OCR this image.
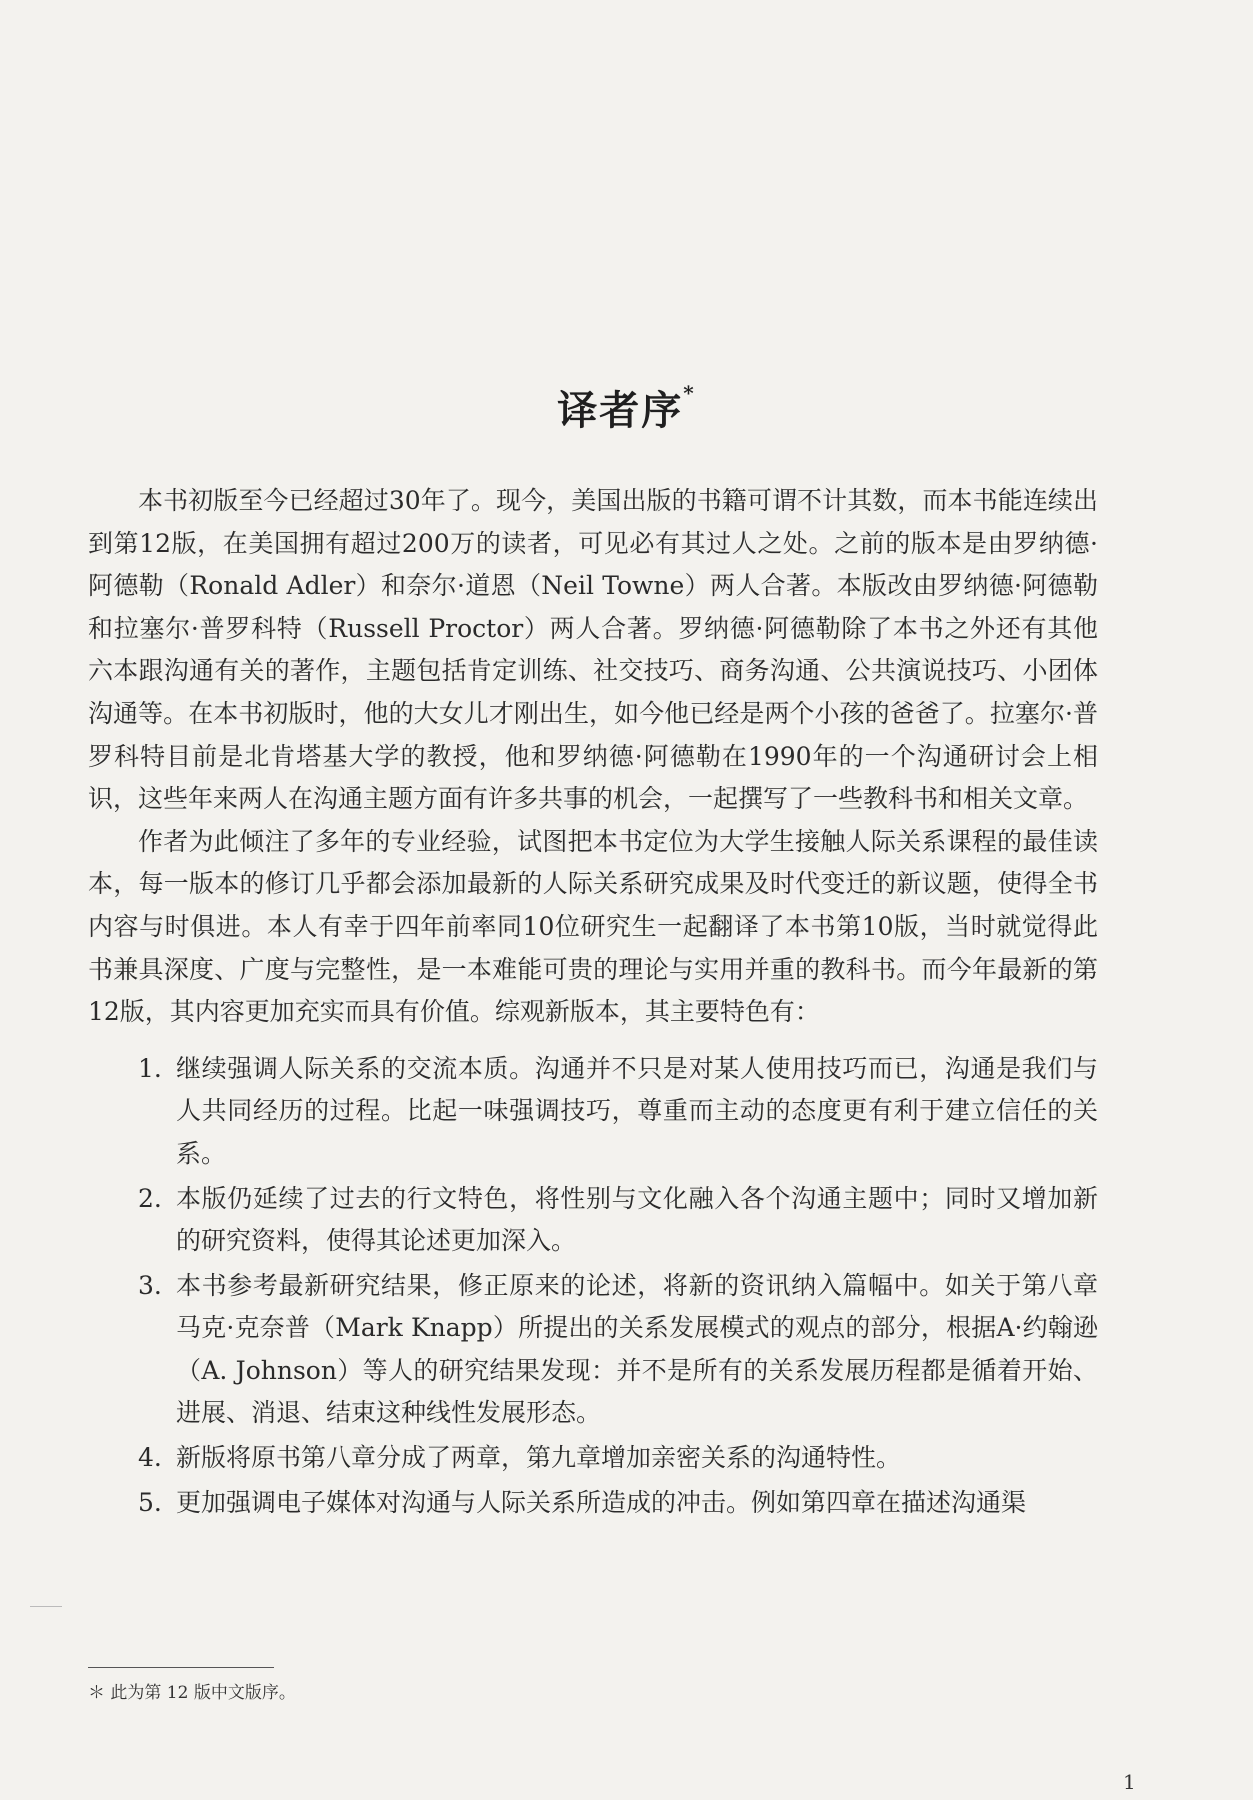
译者序*

本书初版至今已经超过30年了。现今，美国出版的书籍可谓不计其数，而本书能连续出到第12版，在美国拥有超过200万的读者，可见必有其过人之处。之前的版本是由罗纳德·阿德勒（Ronald Adler）和奈尔·道恩（Neil Towne）两人合著。本版改由罗纳德·阿德勒和拉塞尔·普罗科特（Russell Proctor）两人合著。罗纳德·阿德勒除了本书之外还有其他六本跟沟通有关的著作，主题包括肯定训练、社交技巧、商务沟通、公共演说技巧、小团体沟通等。在本书初版时，他的大女儿才刚出生，如今他已经是两个小孩的爸爸了。拉塞尔·普罗科特目前是北肯塔基大学的教授，他和罗纳德·阿德勒在1990年的一个沟通研讨会上相识，这些年来两人在沟通主题方面有许多共事的机会，一起撰写了一些教科书和相关文章。

作者为此倾注了多年的专业经验，试图把本书定位为大学生接触人际关系课程的最佳读本，每一版本的修订几乎都会添加最新的人际关系研究成果及时代变迁的新议题，使得全书内容与时俱进。本人有幸于四年前率同10位研究生一起翻译了本书第10版，当时就觉得此书兼具深度、广度与完整性，是一本难能可贵的理论与实用并重的教科书。而今年最新的第12版，其内容更加充实而具有价值。综观新版本，其主要特色有：

1. 继续强调人际关系的交流本质。沟通并不只是对某人使用技巧而已，沟通是我们与人共同经历的过程。比起一味强调技巧，尊重而主动的态度更有利于建立信任的关系。
2. 本版仍延续了过去的行文特色，将性别与文化融入各个沟通主题中；同时又增加新的研究资料，使得其论述更加深入。
3. 本书参考最新研究结果，修正原来的论述，将新的资讯纳入篇幅中。如关于第八章马克·克奈普（Mark Knapp）所提出的关系发展模式的观点的部分，根据A·约翰逊（A. Johnson）等人的研究结果发现：并不是所有的关系发展历程都是循着开始、进展、消退、结束这种线性发展形态。
4. 新版将原书第八章分成了两章，第九章增加亲密关系的沟通特性。
5. 更加强调电子媒体对沟通与人际关系所造成的冲击。例如第四章在描述沟通渠
＊ 此为第 12 版中文版序。
1
